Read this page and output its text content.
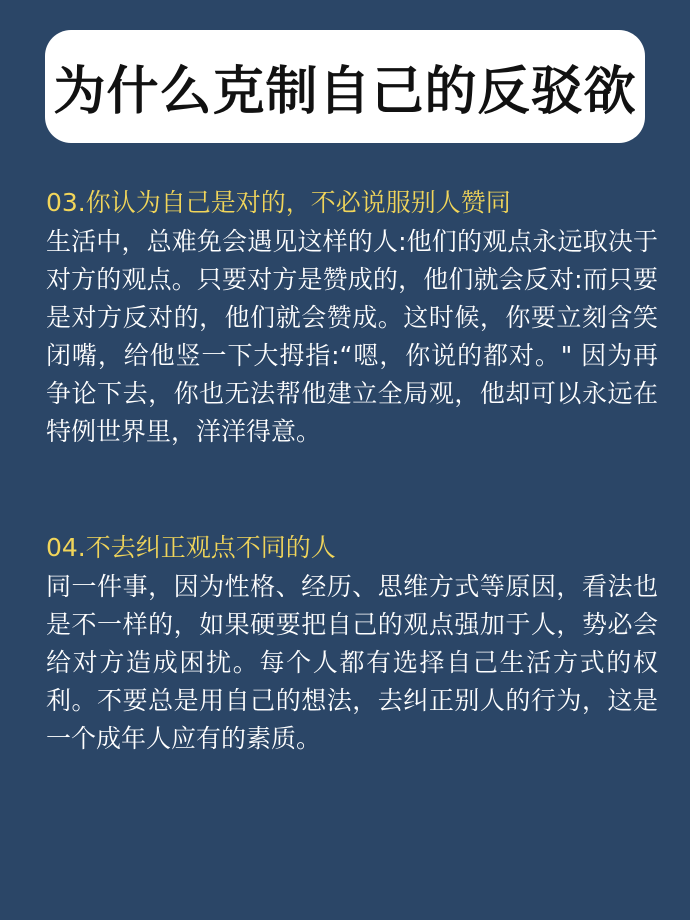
为什么克制自己的反驳欲
03.你认为自己是对的，不必说服别人赞同
生活中，总难免会遇见这样的人:他们的观点永远取决于对方的观点。只要对方是赞成的，他们就会反对:而只要是对方反对的，他们就会赞成。这时候，你要立刻含笑闭嘴，给他竖一下大拇指:“嗯，你说的都对。" 因为再争论下去，你也无法帮他建立全局观，他却可以永远在特例世界里，洋洋得意。
04.不去纠正观点不同的人
同一件事，因为性格、经历、思维方式等原因，看法也是不一样的，如果硬要把自己的观点强加于人，势必会给对方造成困扰。每个人都有选择自己生活方式的权利。不要总是用自己的想法，去纠正别人的行为，这是一个成年人应有的素质。
